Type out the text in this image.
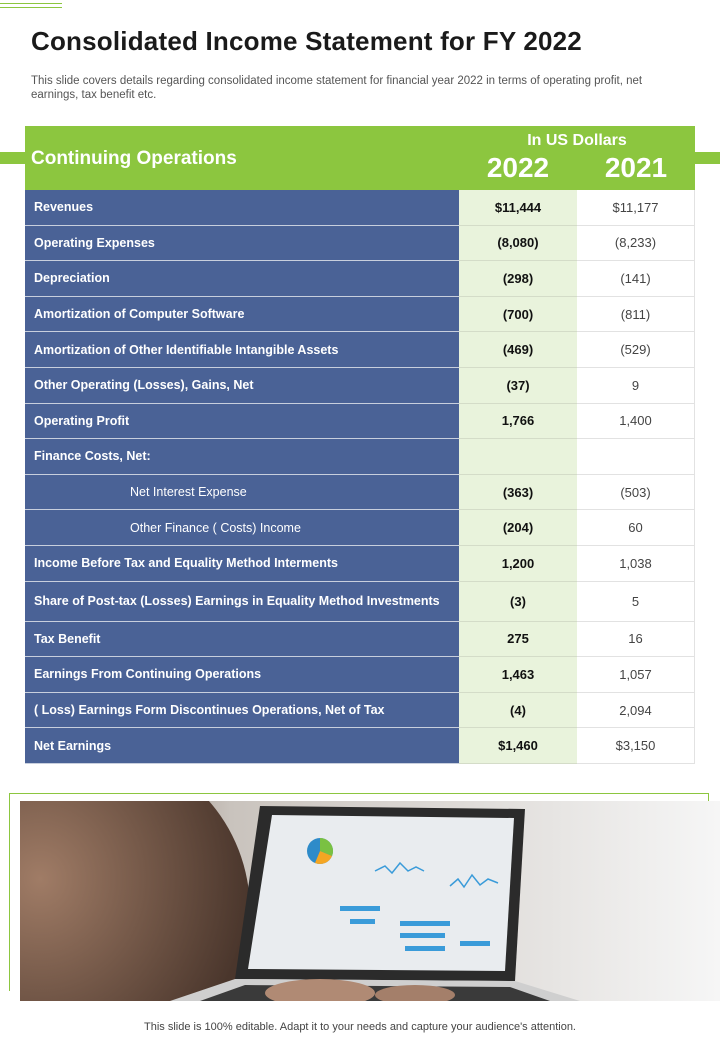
Consolidated Income Statement for FY 2022

This slide covers details regarding consolidated income statement for financial year 2022 in terms of operating profit, net earnings, tax benefit etc.

Continuing Operations
In US Dollars
2022	2021
Revenues	$11,444	$11,177
Operating Expenses	(8,080)	(8,233)
Depreciation	(298)	(141)
Amortization of Computer Software	(700)	(811)
Amortization of Other Identifiable Intangible Assets	(469)	(529)
Other Operating (Losses), Gains, Net	(37)	9
Operating Profit	1,766	1,400
Finance Costs, Net:
Net Interest Expense	(363)	(503)
Other Finance ( Costs) Income	(204)	60
Income Before Tax and Equality Method Interments	1,200	1,038
Share of Post-tax (Losses) Earnings in Equality Method Investments	(3)	5
Tax Benefit	275	16
Earnings From Continuing Operations	1,463	1,057
( Loss) Earnings Form Discontinues Operations, Net of Tax	(4)	2,094
Net Earnings	$1,460	$3,150
This slide is 100% editable. Adapt it to your needs and capture your audience's attention.
